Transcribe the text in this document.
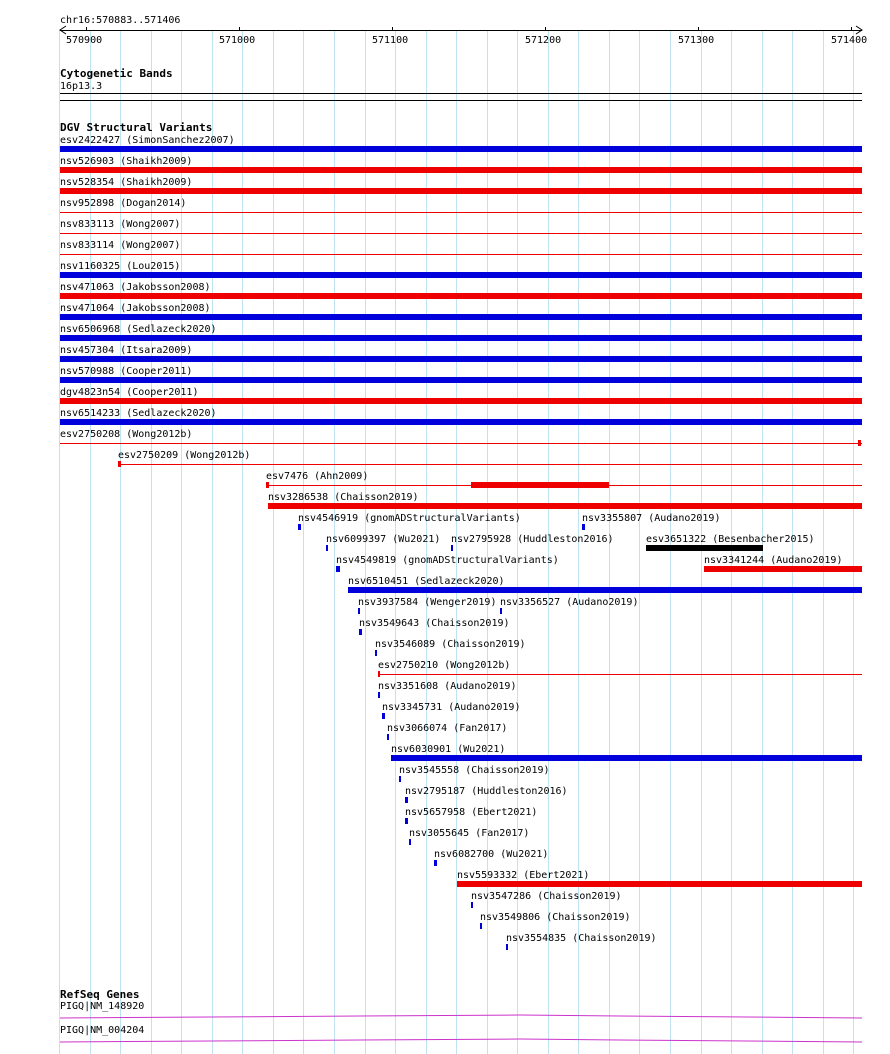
chr16:570883..571406
570900	571000	571100	571200	571300	571400
Cytogenetic Bands
16p13.3
DGV Structural Variants
esv2422427 (SimonSanchez2007)
nsv526903 (Shaikh2009)
nsv528354 (Shaikh2009)
nsv952898 (Dogan2014)
nsv833113 (Wong2007)
nsv833114 (Wong2007)
nsv1160325 (Lou2015)
nsv471063 (Jakobsson2008)
nsv471064 (Jakobsson2008)
nsv6506968 (Sedlazeck2020)
nsv457304 (Itsara2009)
nsv570988 (Cooper2011)
dgv4823n54 (Cooper2011)
nsv6514233 (Sedlazeck2020)
esv2750208 (Wong2012b)
esv2750209 (Wong2012b)
esv7476 (Ahn2009)
nsv3286538 (Chaisson2019)
nsv4546919 (gnomADStructuralVariants)	nsv3355807 (Audano2019)
nsv6099397 (Wu2021) nsv2795928 (Huddleston2016)	esv3651322 (Besenbacher2015)
nsv4549819 (gnomADStructuralVariants)	nsv3341244 (Audano2019)
nsv6510451 (Sedlazeck2020)
nsv3937584 (Wenger2019) nsv3356527 (Audano2019)
nsv3549643 (Chaisson2019)
nsv3546089 (Chaisson2019)
esv2750210 (Wong2012b)
nsv3351608 (Audano2019)
nsv3345731 (Audano2019)
nsv3066074 (Fan2017)
nsv6030901 (Wu2021)
nsv3545558 (Chaisson2019)
nsv2795187 (Huddleston2016)
nsv5657958 (Ebert2021)
nsv3055645 (Fan2017)
nsv6082700 (Wu2021)
nsv5593332 (Ebert2021)
nsv3547286 (Chaisson2019)
nsv3549806 (Chaisson2019)
nsv3554835 (Chaisson2019)
RefSeq Genes
PIGQ|NM_148920
PIGQ|NM_004204
